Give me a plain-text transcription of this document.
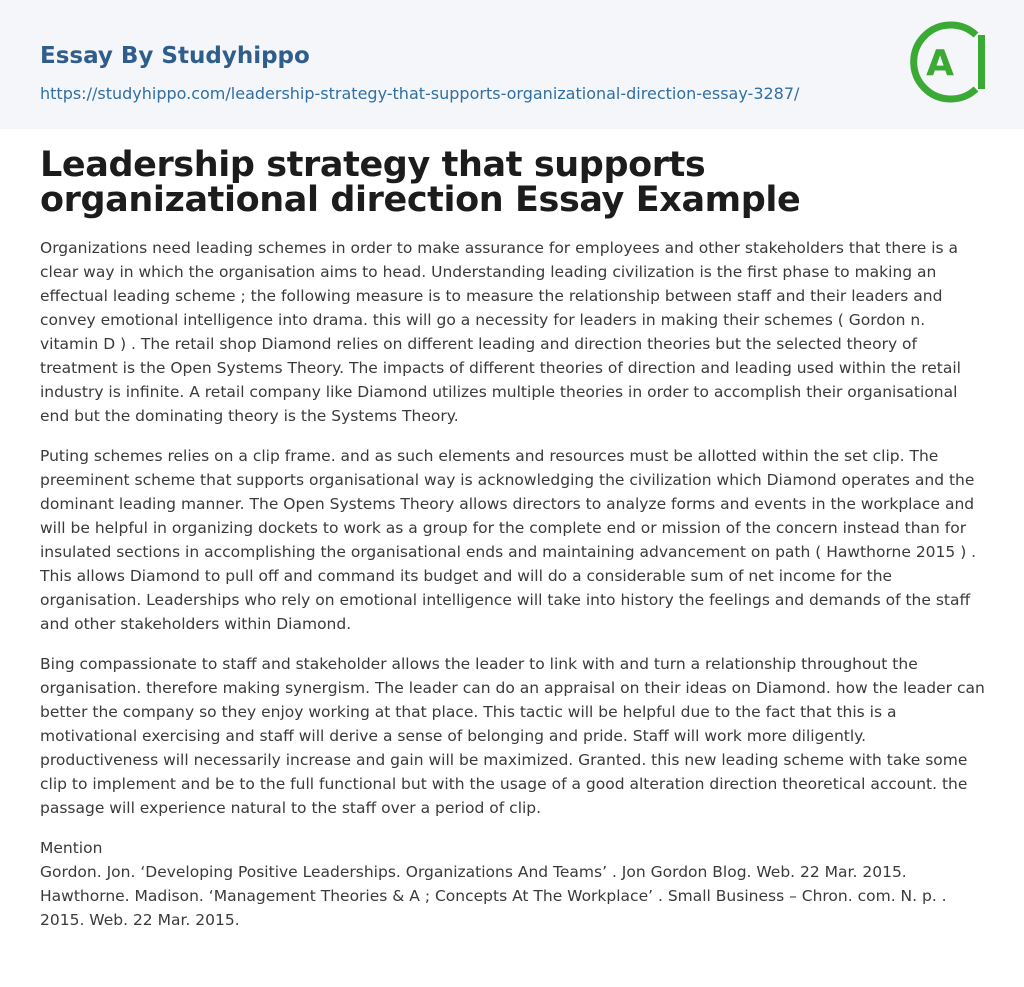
Essay By Studyhippo
https://studyhippo.com/leadership-strategy-that-supports-organizational-direction-essay-3287/
A
Leadership strategy that supports organizational direction Essay Example

Organizations need leading schemes in order to make assurance for employees and other stakeholders that there is a clear way in which the organisation aims to head. Understanding leading civilization is the first phase to making an effectual leading scheme ; the following measure is to measure the relationship between staff and their leaders and convey emotional intelligence into drama. this will go a necessity for leaders in making their schemes ( Gordon n. vitamin D ) . The retail shop Diamond relies on different leading and direction theories but the selected theory of treatment is the Open Systems Theory. The impacts of different theories of direction and leading used within the retail industry is infinite. A retail company like Diamond utilizes multiple theories in order to accomplish their organisational end but the dominating theory is the Systems Theory.

Puting schemes relies on a clip frame. and as such elements and resources must be allotted within the set clip. The preeminent scheme that supports organisational way is acknowledging the civilization which Diamond operates and the dominant leading manner. The Open Systems Theory allows directors to analyze forms and events in the workplace and will be helpful in organizing dockets to work as a group for the complete end or mission of the concern instead than for insulated sections in accomplishing the organisational ends and maintaining advancement on path ( Hawthorne 2015 ) . This allows Diamond to pull off and command its budget and will do a considerable sum of net income for the organisation. Leaderships who rely on emotional intelligence will take into history the feelings and demands of the staff and other stakeholders within Diamond.

Bing compassionate to staff and stakeholder allows the leader to link with and turn a relationship throughout the organisation. therefore making synergism. The leader can do an appraisal on their ideas on Diamond. how the leader can better the company so they enjoy working at that place. This tactic will be helpful due to the fact that this is a motivational exercising and staff will derive a sense of belonging and pride. Staff will work more diligently. productiveness will necessarily increase and gain will be maximized. Granted. this new leading scheme with take some clip to implement and be to the full functional but with the usage of a good alteration direction theoretical account. the passage will experience natural to the staff over a period of clip.

Mention
Gordon. Jon. ‘Developing Positive Leaderships. Organizations And Teams’ . Jon Gordon Blog. Web. 22 Mar. 2015.
Hawthorne. Madison. ‘Management Theories & A ; Concepts At The Workplace’ . Small Business – Chron. com. N. p. . 2015. Web. 22 Mar. 2015.
